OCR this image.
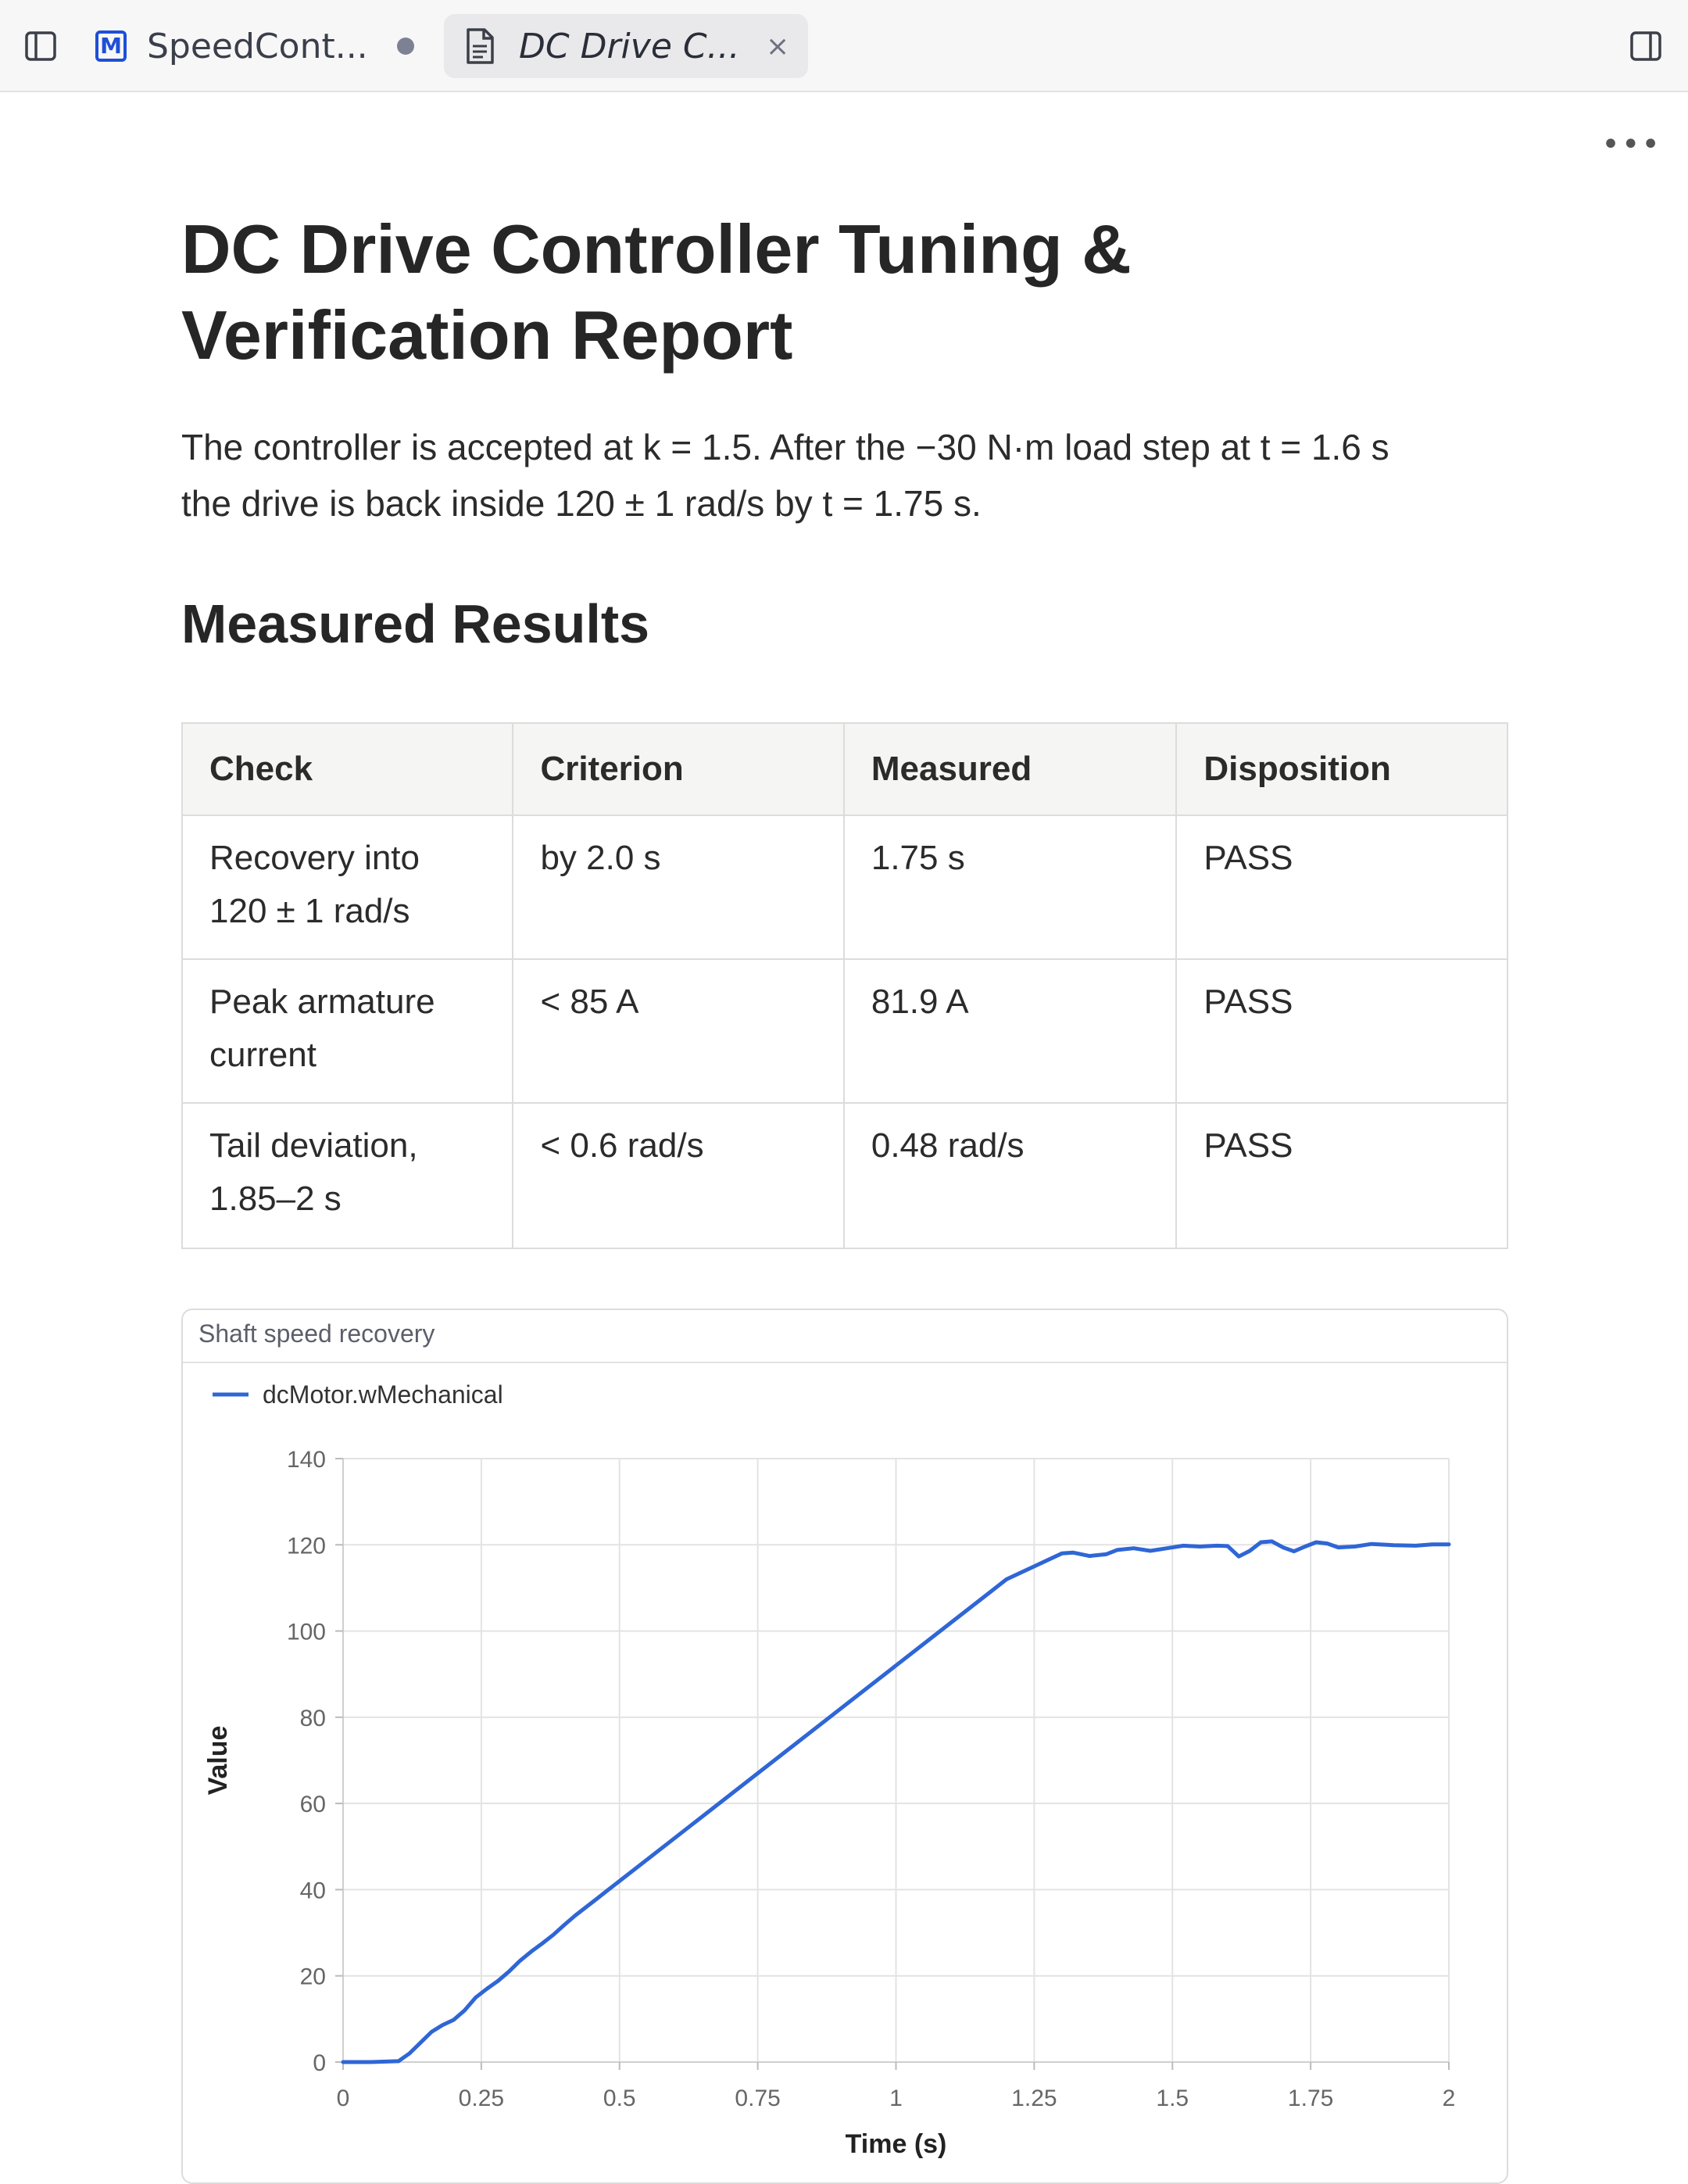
M SpeedCont...	DC Drive C... ×
•••
DC Drive Controller Tuning &
Verification Report

The controller is accepted at k = 1.5. After the −30 N·m load step at t = 1.6 s
the drive is back inside 120 ± 1 rad/s by t = 1.75 s.

Measured Results
Check	Criterion	Measured	Disposition
Recovery into
120 ± 1 rad/s	by 2.0 s	1.75 s	PASS
Peak armature
current	< 85 A	81.9 A	PASS
Tail deviation,
1.85–2 s	< 0.6 rad/s	0.48 rad/s	PASS
Shaft speed recovery
0
20
40
60
80
100
120
140
0	0.25	0.5	0.75	1	1.25	1.5	1.75	2
dcMotor.wMechanical
Value
Time (s)
